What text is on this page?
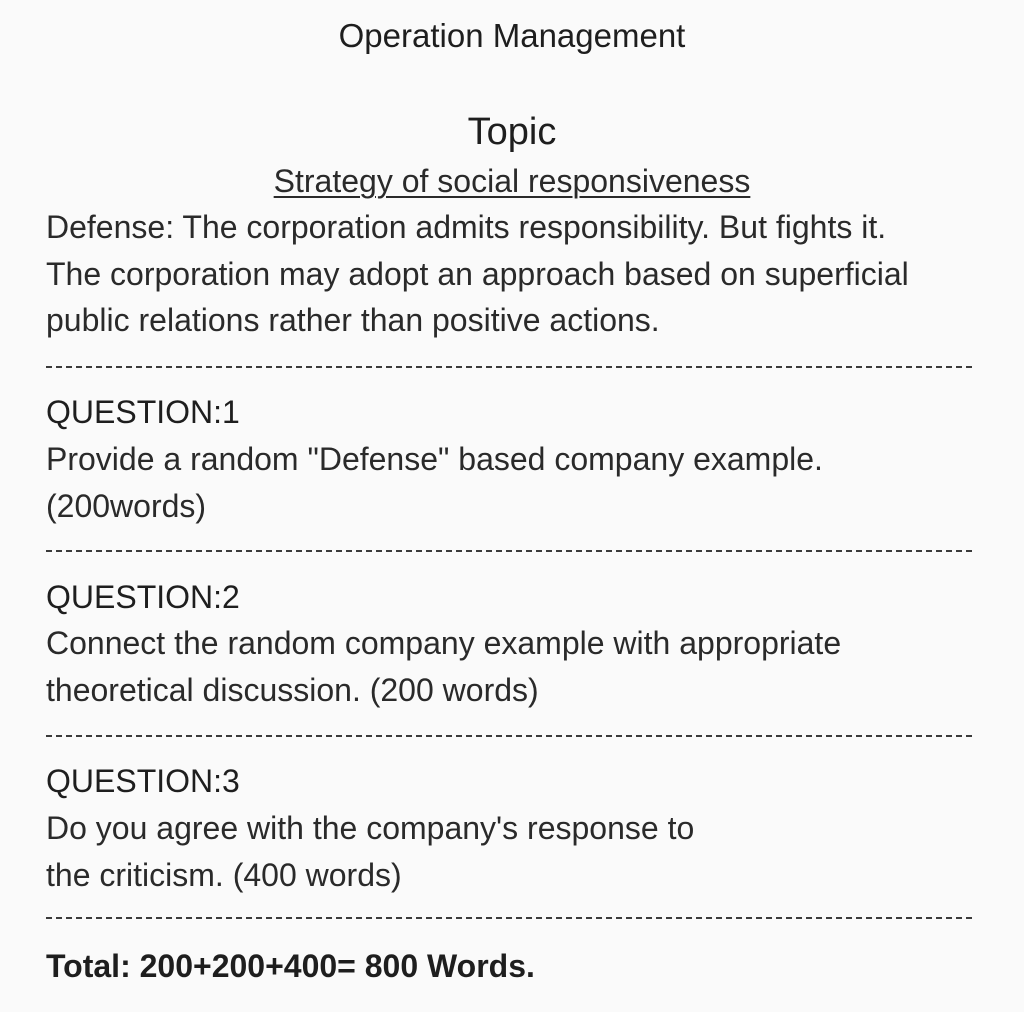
Operation Management
Topic
Strategy of social responsiveness
Defense: The corporation admits responsibility. But fights it.
The corporation may adopt an approach based on superficial
public relations rather than positive actions.
QUESTION:1
Provide a random "Defense" based company example.
(200words)
QUESTION:2
Connect the random company example with appropriate
theoretical discussion. (200 words)
QUESTION:3
Do you agree with the company's response to
the criticism. (400 words)
Total: 200+200+400= 800 Words.
